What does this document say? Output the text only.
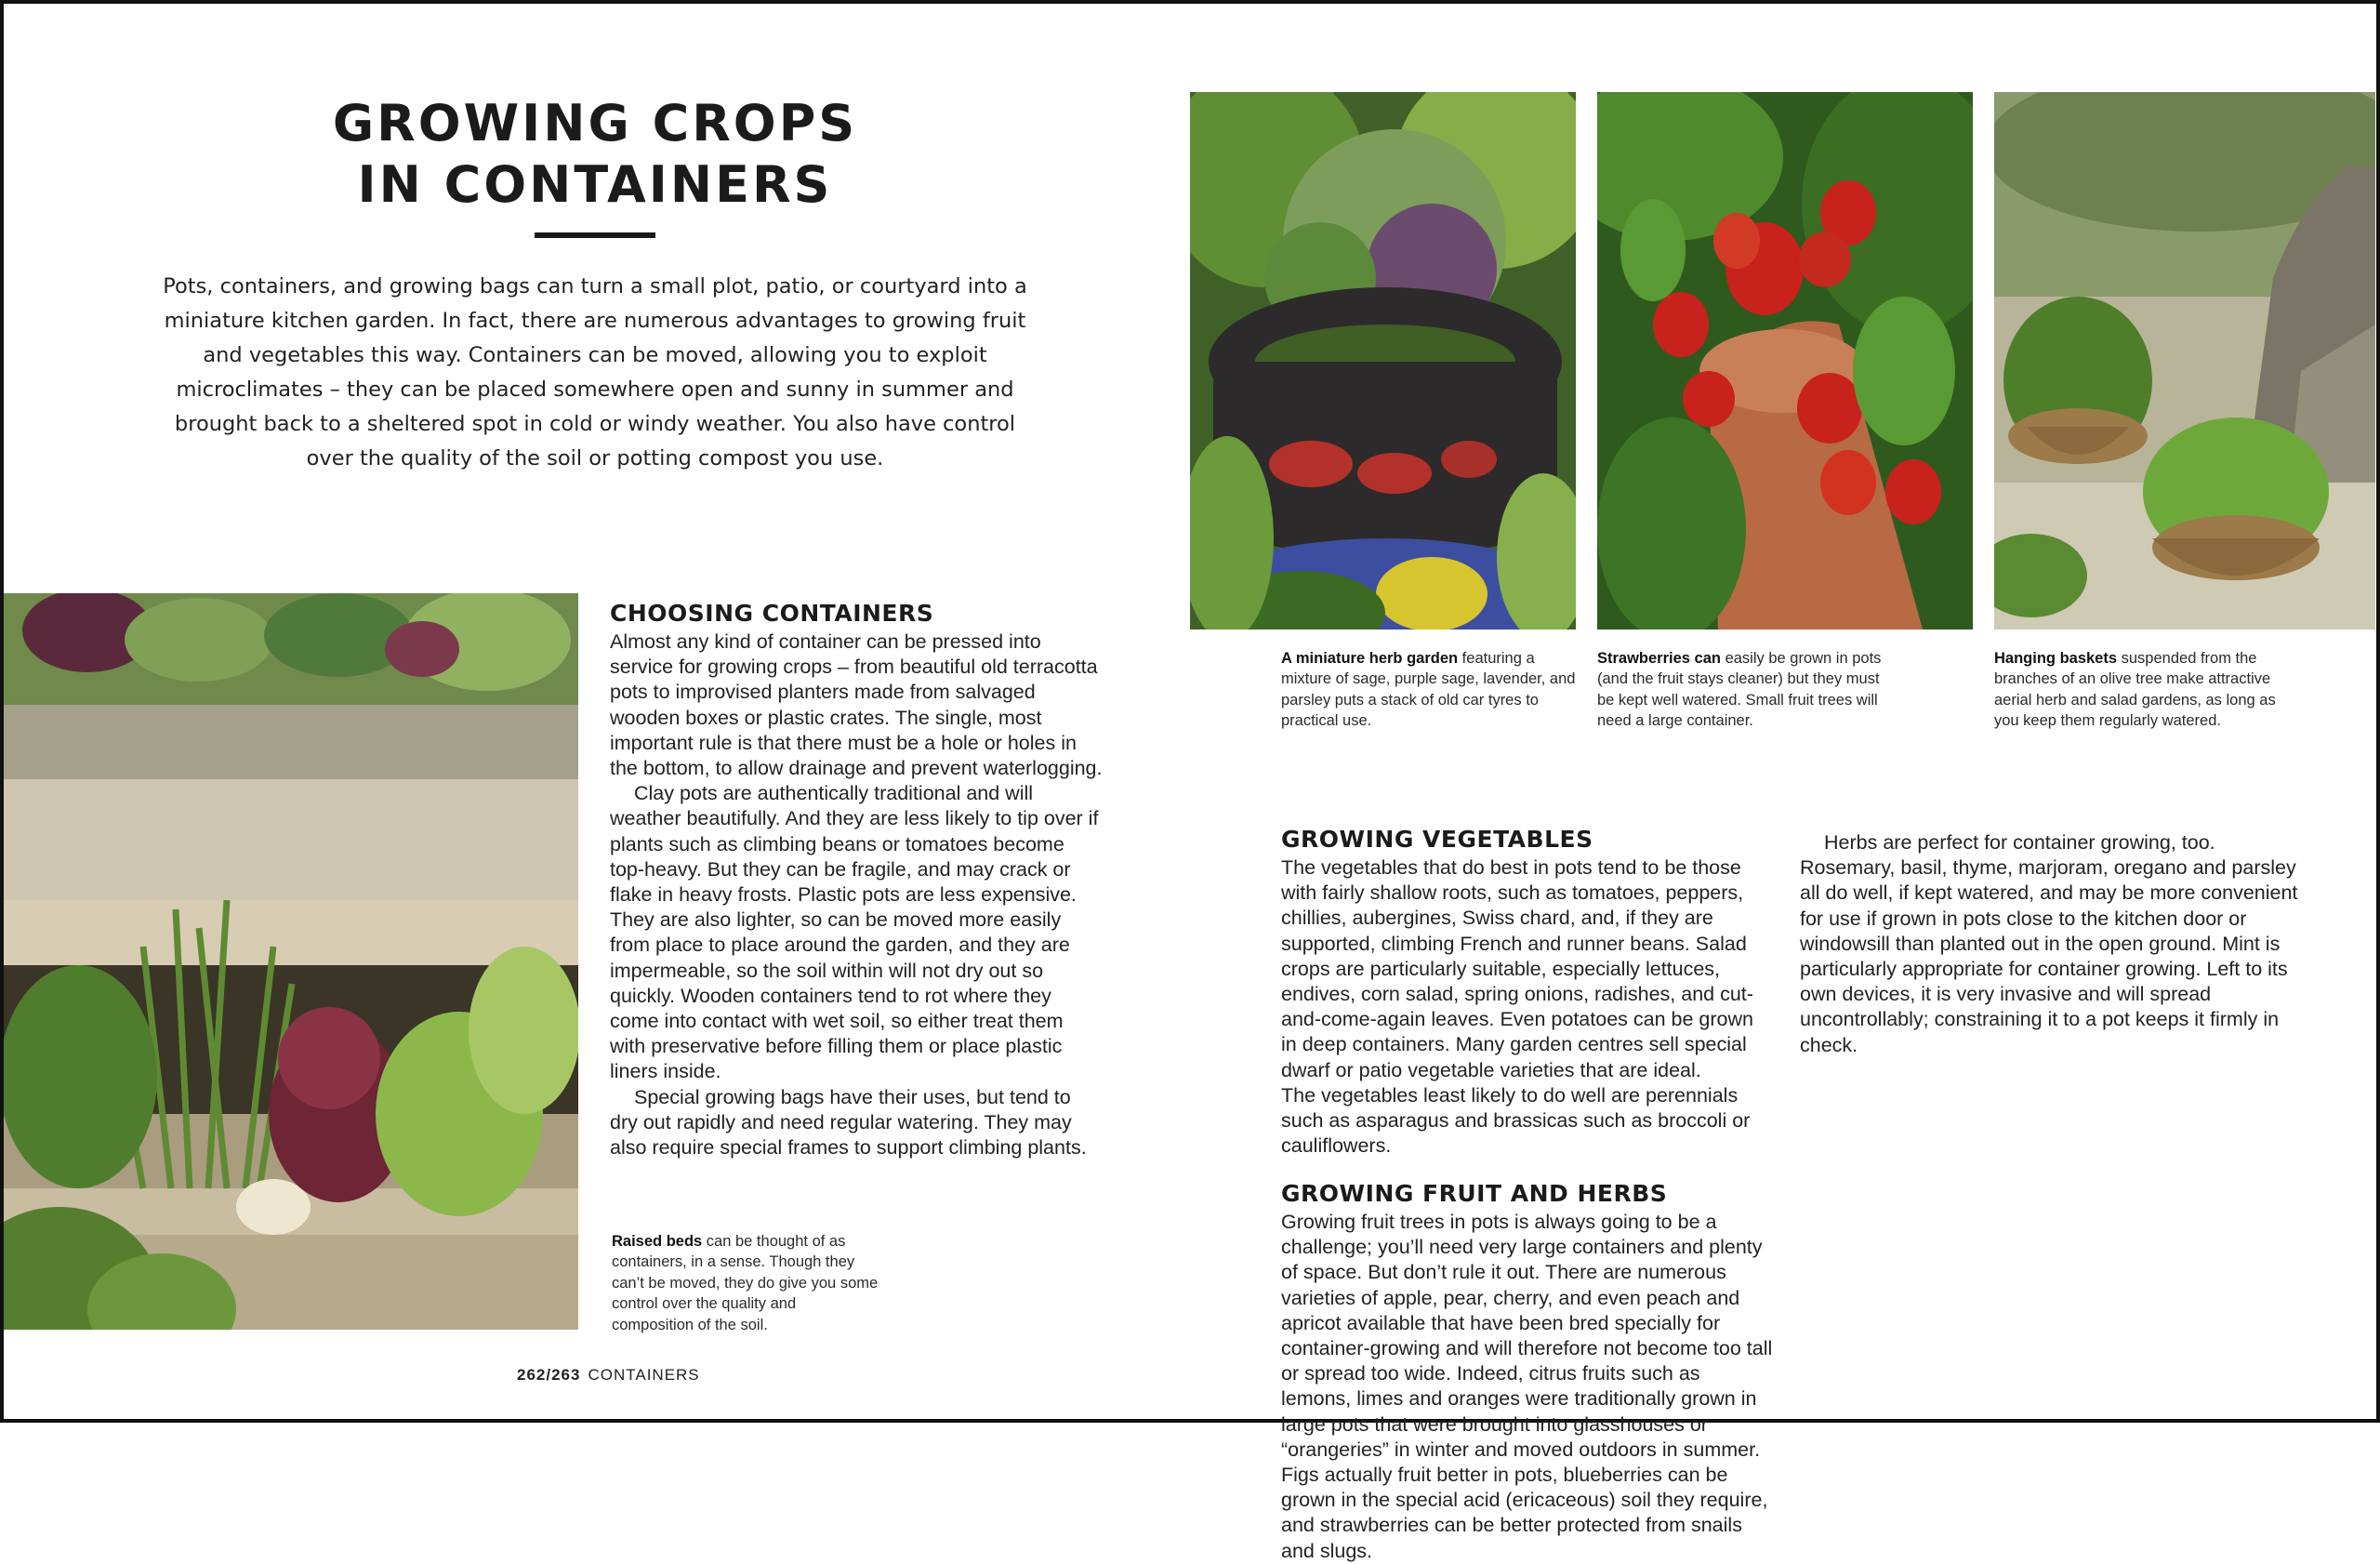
GROWING CROPS
IN CONTAINERS
Pots, containers, and growing bags can turn a small plot, patio, or courtyard into a miniature kitchen garden. In fact, there are numerous advantages to growing fruit and vegetables this way. Containers can be moved, allowing you to exploit microclimates – they can be placed somewhere open and sunny in summer and brought back to a sheltered spot in cold or windy weather. You also have control over the quality of the soil or potting compost you use.
CHOOSING CONTAINERS

Almost any kind of container can be pressed into service for growing crops – from beautiful old terracotta pots to improvised planters made from salvaged wooden boxes or plastic crates. The single, most important rule is that there must be a hole or holes in the bottom, to allow drainage and prevent waterlogging.

Clay pots are authentically traditional and will weather beautifully. And they are less likely to tip over if plants such as climbing beans or tomatoes become top-heavy. But they can be fragile, and may crack or flake in heavy frosts. Plastic pots are less expensive. They are also lighter, so can be moved more easily from place to place around the garden, and they are impermeable, so the soil within will not dry out so quickly. Wooden containers tend to rot where they come into contact with wet soil, so either treat them with preservative before filling them or place plastic liners inside.

Special growing bags have their uses, but tend to dry out rapidly and need regular watering. They may also require special frames to support climbing plants.

Raised beds can be thought of as containers, in a sense. Though they can’t be moved, they do give you some control over the quality and composition of the soil.
262/263 CONTAINERS
A miniature herb garden featuring a mixture of sage, purple sage, lavender, and parsley puts a stack of old car tyres to practical use.
Strawberries can easily be grown in pots (and the fruit stays cleaner) but they must be kept well watered. Small fruit trees will need a large container.
Hanging baskets suspended from the branches of an olive tree make attractive aerial herb and salad gardens, as long as you keep them regularly watered.
GROWING VEGETABLES

The vegetables that do best in pots tend to be those with fairly shallow roots, such as tomatoes, peppers, chillies, aubergines, Swiss chard, and, if they are supported, climbing French and runner beans. Salad crops are particularly suitable, especially lettuces, endives, corn salad, spring onions, radishes, and cut-and-come-again leaves. Even potatoes can be grown in deep containers. Many garden centres sell special dwarf or patio vegetable varieties that are ideal.

The vegetables least likely to do well are perennials such as asparagus and brassicas such as broccoli or cauliflowers.

GROWING FRUIT AND HERBS

Growing fruit trees in pots is always going to be a challenge; you’ll need very large containers and plenty of space. But don’t rule it out. There are numerous varieties of apple, pear, cherry, and even peach and apricot available that have been bred specially for container-growing and will therefore not become too tall or spread too wide. Indeed, citrus fruits such as lemons, limes and oranges were traditionally grown in large pots that were brought into glasshouses or “orangeries” in winter and moved outdoors in summer. Figs actually fruit better in pots, blueberries can be grown in the special acid (ericaceous) soil they require, and strawberries can be better protected from snails and slugs.

Herbs are perfect for container growing, too. Rosemary, basil, thyme, marjoram, oregano and parsley all do well, if kept watered, and may be more convenient for use if grown in pots close to the kitchen door or windowsill than planted out in the open ground. Mint is particularly appropriate for container growing. Left to its own devices, it is very invasive and will spread uncontrollably; constraining it to a pot keeps it firmly in check.
